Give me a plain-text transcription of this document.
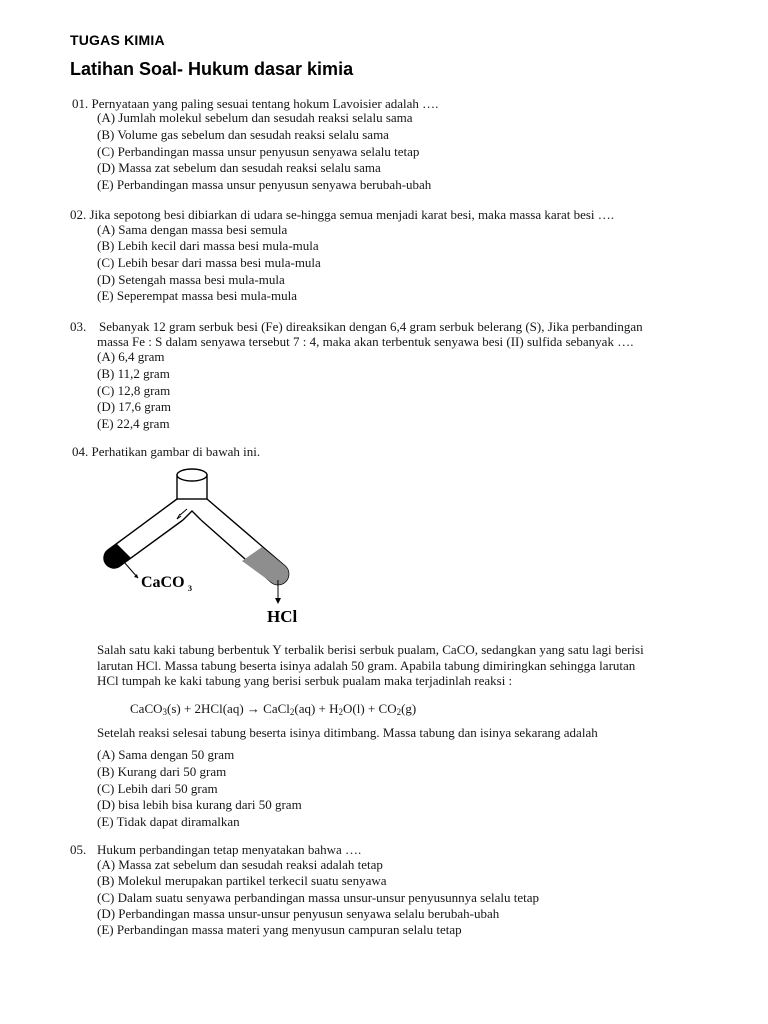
TUGAS KIMIA
Latihan Soal- Hukum dasar kimia
01. Pernyataan yang paling sesuai tentang hokum Lavoisier adalah ….
(A) Jumlah molekul sebelum dan sesudah reaksi selalu sama
(B) Volume gas sebelum dan sesudah reaksi selalu sama
(C) Perbandingan massa unsur penyusun senyawa selalu tetap
(D) Massa zat sebelum dan sesudah reaksi selalu sama
(E) Perbandingan massa unsur penyusun senyawa berubah-ubah
02. Jika sepotong besi dibiarkan di udara se-hingga semua menjadi karat besi, maka massa karat besi ….
(A) Sama dengan massa besi semula
(B) Lebih kecil dari massa besi mula-mula
(C) Lebih besar dari massa besi mula-mula
(D) Setengah massa besi mula-mula
(E) Seperempat massa besi mula-mula
03. Sebanyak 12 gram serbuk besi (Fe) direaksikan dengan 6,4 gram serbuk belerang (S), Jika perbandingan
massa Fe : S dalam senyawa tersebut 7 : 4, maka akan terbentuk senyawa besi (II) sulfida sebanyak ….
(A) 6,4 gram
(B) 11,2 gram
(C) 12,8 gram
(D) 17,6 gram
(E) 22,4 gram
04. Perhatikan gambar di bawah ini.
CaCO 3
HCl
Salah satu kaki tabung berbentuk Y terbalik berisi serbuk pualam, CaCO, sedangkan yang satu lagi berisi
larutan HCl. Massa tabung beserta isinya adalah 50 gram. Apabila tabung dimiringkan sehingga larutan
HCl tumpah ke kaki tabung yang berisi serbuk pualam maka terjadinlah reaksi :
CaCO$_3$(s) + 2HCl(aq) → CaCl$_2$(aq) + $H_2O(l) + CO_2(g)$
Setelah reaksi selesai tabung beserta isinya ditimbang. Massa tabung dan isinya sekarang adalah
(A) Sama dengan 50 gram
(B) Kurang dari 50 gram
(C) Lebih dari 50 gram
(D) bisa lebih bisa kurang dari 50 gram
(E) Tidak dapat diramalkan
05. Hukum perbandingan tetap menyatakan bahwa ….
(A) Massa zat sebelum dan sesudah reaksi adalah tetap
(B) Molekul merupakan partikel terkecil suatu senyawa
(C) Dalam suatu senyawa perbandingan massa unsur-unsur penyusunnya selalu tetap
(D) Perbandingan massa unsur-unsur penyusun senyawa selalu berubah-ubah
(E) Perbandingan massa materi yang menyusun campuran selalu tetap
